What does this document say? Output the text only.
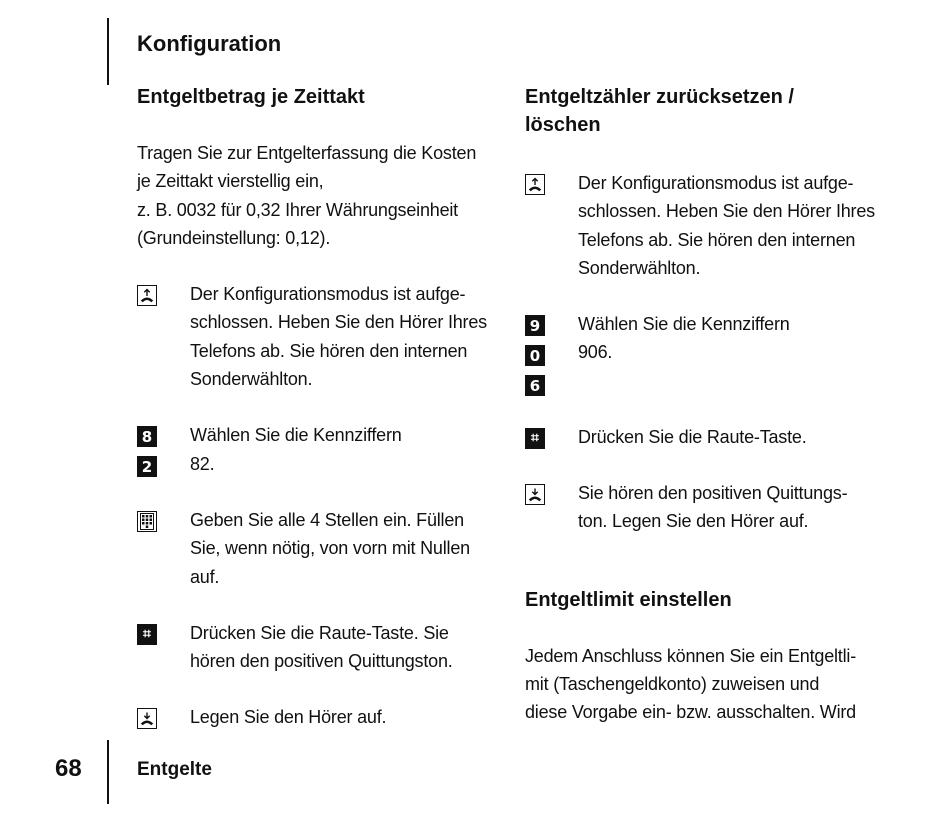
Konfiguration
Entgeltbetrag je Zeittakt

Tragen Sie zur Entgelterfassung die Kosten
je Zeittakt vierstellig ein,
z. B. 0032 für 0,32 Ihrer Währungseinheit
(Grundeinstellung: 0,12).

Der Konfigurationsmodus ist aufge-
schlossen. Heben Sie den Hörer Ihres
Telefons ab. Sie hören den internen
Sonderwählton.

8
2

Wählen Sie die Kennziffern
82.

Geben Sie alle 4 Stellen ein. Füllen
Sie, wenn nötig, von vorn mit Nullen
auf.

⌗	Drücken Sie die Raute-Taste. Sie
hören den positiven Quittungston.

Legen Sie den Hörer auf.

Entgeltzähler zurücksetzen /
löschen

Der Konfigurationsmodus ist aufge-
schlossen. Heben Sie den Hörer Ihres
Telefons ab. Sie hören den internen
Sonderwählton.

9
0
6

Wählen Sie die Kennziffern
906.

⌗	Drücken Sie die Raute-Taste.

Sie hören den positiven Quittungs-
ton. Legen Sie den Hörer auf.

Entgeltlimit einstellen

Jedem Anschluss können Sie ein Entgeltli-
mit (Taschengeldkonto) zuweisen und
diese Vorgabe ein- bzw. ausschalten. Wird

68	Entgelte
